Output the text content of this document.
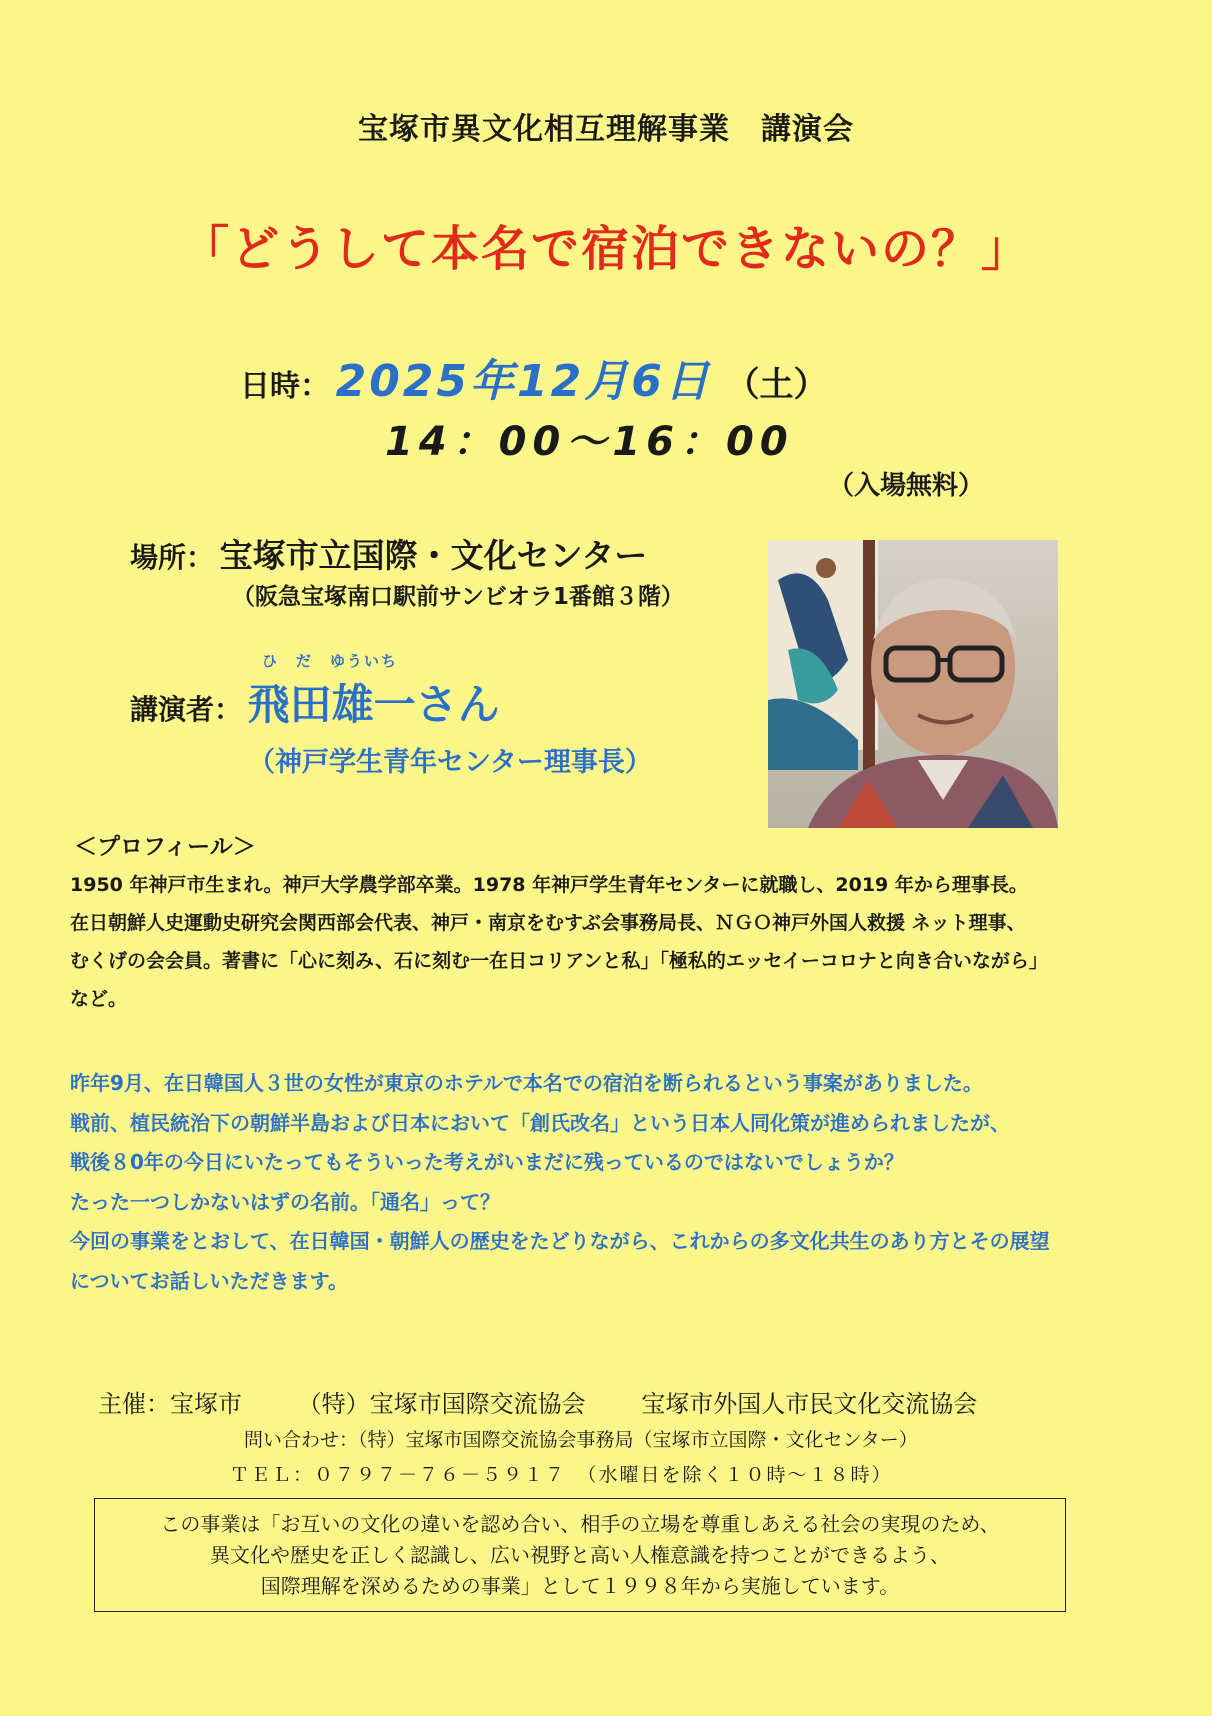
宝塚市異文化相互理解事業　講演会
「どうして本名で宿泊できないの？」
日時： 2025年12月6日 （土）
14：00～16：00
（入場無料）
場所： 宝塚市立国際・文化センター
（阪急宝塚南口駅前サンビオラ1番館３階）
ひ　だ　ゆういち
講演者： 飛田雄一さん
（神戸学生青年センター理事長）
＜プロフィール＞
1950 年神戸市生まれ。神戸大学農学部卒業。1978 年神戸学生青年センターに就職し、2019 年から理事長。
在日朝鮮人史運動史研究会関西部会代表、神戸・南京をむすぶ会事務局長、ＮＧＯ神戸外国人救援 ネット理事、
むくげの会会員。著書に「心に刻み、石に刻む一在日コリアンと私」「極私的エッセイーコロナと向き合いながら」
など。
昨年9月、在日韓国人３世の女性が東京のホテルで本名での宿泊を断られるという事案がありました。
戦前、植民統治下の朝鮮半島および日本において「創氏改名」という日本人同化策が進められましたが、
戦後８0年の今日にいたってもそういった考えがいまだに残っているのではないでしょうか？
たった一つしかないはずの名前。「通名」って？
今回の事業をとおして、在日韓国・朝鮮人の歴史をたどりながら、これからの多文化共生のあり方とその展望
についてお話しいただきます。
主催：宝塚市 （特）宝塚市国際交流協会 宝塚市外国人市民文化交流協会
問い合わせ：（特）宝塚市国際交流協会事務局（宝塚市立国際・文化センター）
ＴＥＬ：０７９７－７６－５９１７　（水曜日を除く１０時～１８時）
この事業は「お互いの文化の違いを認め合い、相手の立場を尊重しあえる社会の実現のため、
異文化や歴史を正しく認識し、広い視野と高い人権意識を持つことができるよう、
国際理解を深めるための事業」として１９９８年から実施しています。
